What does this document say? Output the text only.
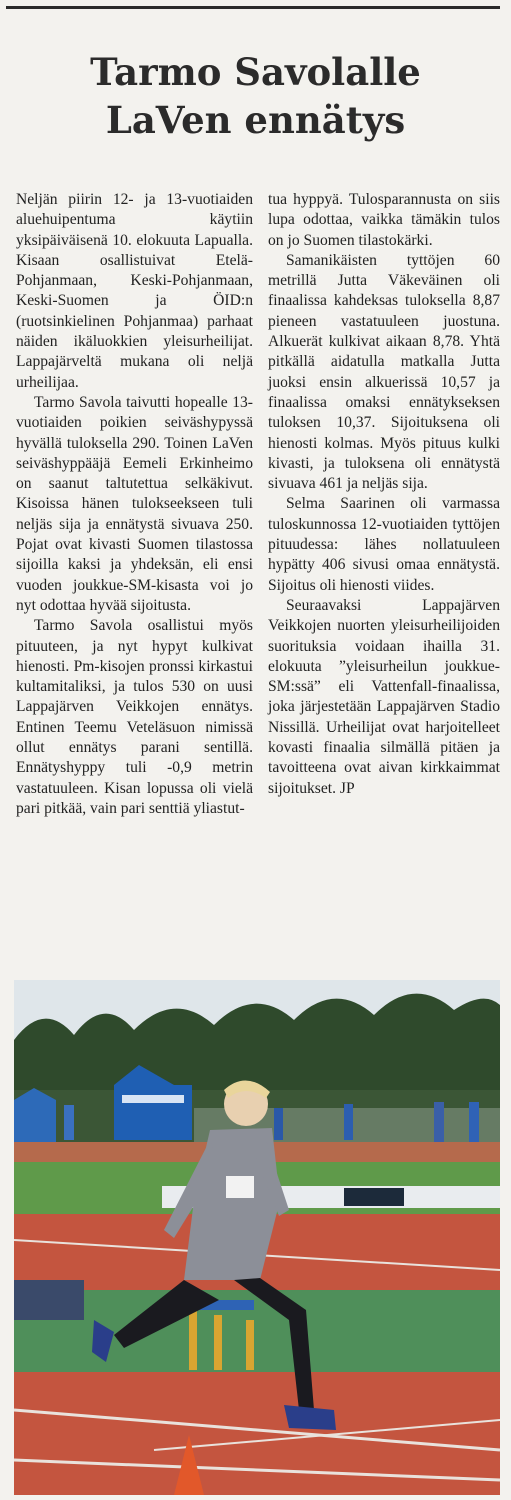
Tarmo Savolalle
LaVen ennätys

Neljän piirin 12- ja 13-vuotiaiden aluehuipentuma käytiin yksipäiväisenä 10. elokuuta Lapualla. Kisaan osallistuivat Etelä-Pohjanmaan, Keski-Pohjanmaan, Keski-Suomen ja ÖID:n (ruotsinkielinen Pohjanmaa) parhaat näiden ikäluokkien yleisurheilijat. Lappajärveltä mukana oli neljä urheilijaa.

Tarmo Savola taivutti hopealle 13-vuotiaiden poikien seiväshypyssä hyvällä tuloksella 290. Toinen LaVen seiväshyppääjä Eemeli Erkinheimo on saanut taltutettua selkäkivut. Kisoissa hänen tulokseekseen tuli neljäs sija ja ennätystä sivuava 250. Pojat ovat kivasti Suomen tilastossa sijoilla kaksi ja yhdeksän, eli ensi vuoden joukkue-SM-kisasta voi jo nyt odottaa hyvää sijoitusta.

Tarmo Savola osallistui myös pituuteen, ja nyt hypyt kulkivat hienosti. Pm-kisojen pronssi kirkastui kultamitaliksi, ja tulos 530 on uusi Lappajärven Veikkojen ennätys. Entinen Teemu Veteläsuon nimissä ollut ennätys parani sentillä. Ennätyshyppy tuli -0,9 metrin vastatuuleen. Kisan lopussa oli vielä pari pitkää, vain pari senttiä yliastut-

tua hyppyä. Tulosparannusta on siis lupa odottaa, vaikka tämäkin tulos on jo Suomen tilastokärki.

Samanikäisten tyttöjen 60 metrillä Jutta Väkeväinen oli finaalissa kahdeksas tuloksella 8,87 pieneen vastatuuleen juostuna. Alkuerät kulkivat aikaan 8,78. Yhtä pitkällä aidatulla matkalla Jutta juoksi ensin alkuerissä 10,57 ja finaalissa omaksi ennätykseksen tuloksen 10,37. Sijoituksena oli hienosti kolmas. Myös pituus kulki kivasti, ja tuloksena oli ennätystä sivuava 461 ja neljäs sija.

Selma Saarinen oli varmassa tuloskunnossa 12-vuotiaiden tyttöjen pituudessa: lähes nollatuuleen hypätty 406 sivusi omaa ennätystä. Sijoitus oli hienosti viides.

Seuraavaksi Lappajärven Veikkojen nuorten yleisurheilijoiden suorituksia voidaan ihailla 31. elokuuta ”yleisurheilun joukkue-SM:ssä” eli Vattenfall-finaalissa, joka järjestetään Lappajärven Stadio Nissillä. Urheilijat ovat harjoitelleet kovasti finaalia silmällä pitäen ja tavoitteena ovat aivan kirkkaimmat sijoitukset. JP
